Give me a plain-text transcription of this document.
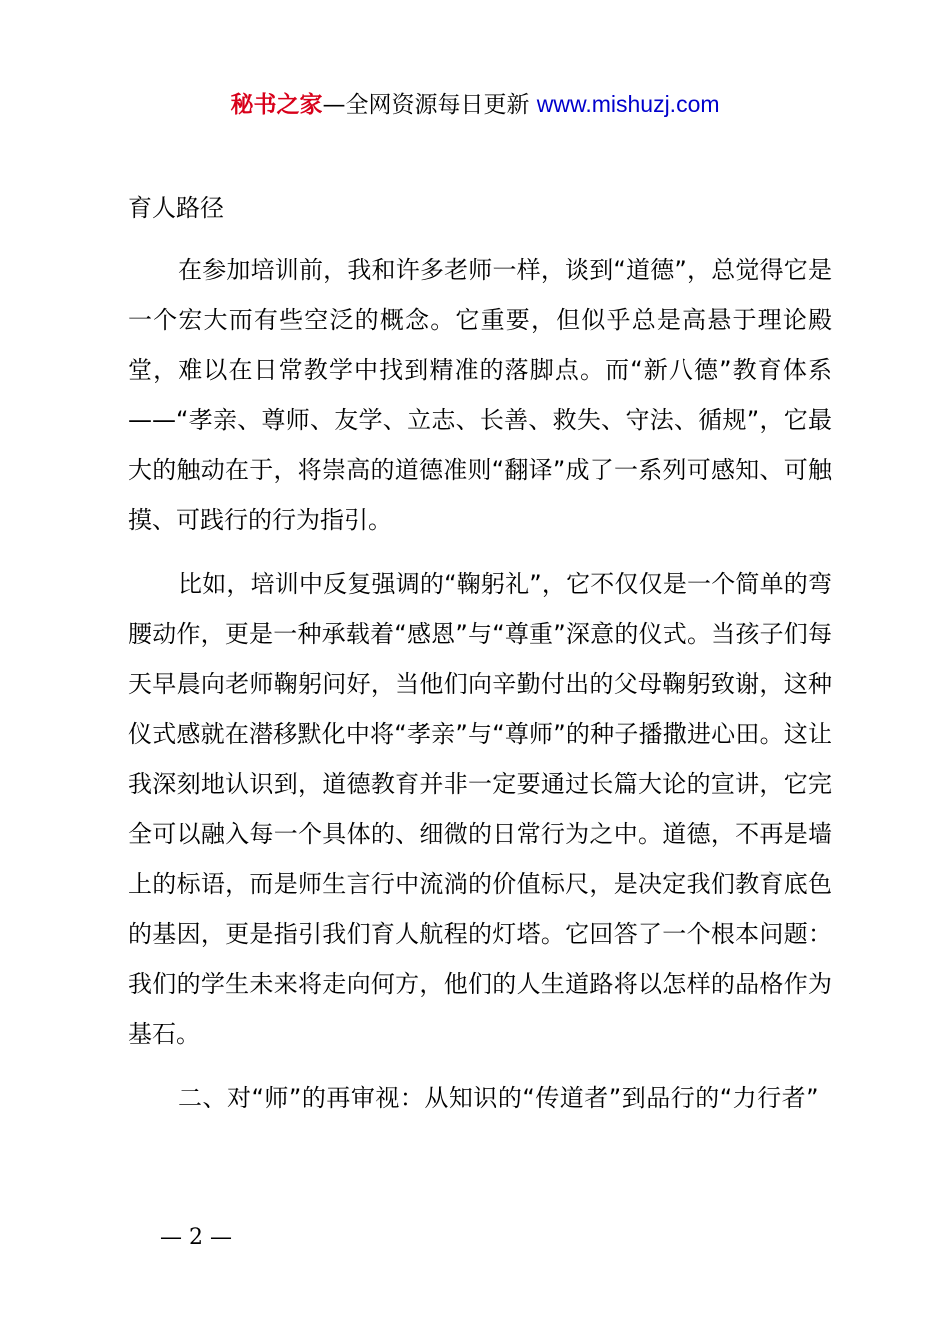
秘书之家—全网资源每日更新 www.mishuzj.com

育人路径

在参加培训前，我和许多老师一样，谈到“道德”，总觉得它是一个宏大而有些空泛的概念。它重要，但似乎总是高悬于理论殿堂，难以在日常教学中找到精准的落脚点。而“新八德”教育体系——“孝亲、尊师、友学、立志、长善、救失、守法、循规”，它最大的触动在于，将崇高的道德准则“翻译”成了一系列可感知、可触摸、可践行的行为指引。

比如，培训中反复强调的“鞠躬礼”，它不仅仅是一个简单的弯腰动作，更是一种承载着“感恩”与“尊重”深意的仪式。当孩子们每天早晨向老师鞠躬问好，当他们向辛勤付出的父母鞠躬致谢，这种仪式感就在潜移默化中将“孝亲”与“尊师”的种子播撒进心田。这让我深刻地认识到，道德教育并非一定要通过长篇大论的宣讲，它完全可以融入每一个具体的、细微的日常行为之中。道德，不再是墙上的标语，而是师生言行中流淌的价值标尺，是决定我们教育底色的基因，更是指引我们育人航程的灯塔。它回答了一个根本问题：我们的学生未来将走向何方，他们的人生道路将以怎样的品格作为基石。

二、对“师”的再审视：从知识的“传道者”到品行的“力行者”

— 2 —
